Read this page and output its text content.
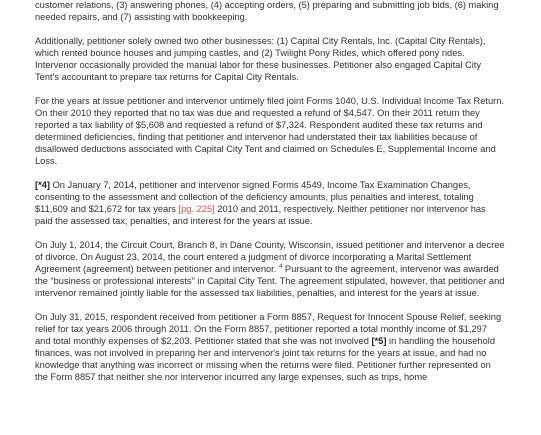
customer relations, (3) answering phones, (4) accepting orders, (5) preparing and submitting job bids, (6) making needed repairs, and (7) assisting with bookkeeping.

Additionally, petitioner solely owned two other businesses: (1) Capital City Rentals, Inc. (Capital City Rentals), which rented bounce houses and jumping castles, and (2) Twilight Pony Rides, which offered pony rides. Intervenor occasionally provided the manual labor for these businesses. Petitioner also engaged Capital City Tent's accountant to prepare tax returns for Capital City Rentals.

For the years at issue petitioner and intervenor untimely filed joint Forms 1040, U.S. Individual Income Tax Return. On their 2010 they reported that no tax was due and requested a refund of $4,547. On their 2011 return they reported a tax liability of $5,608 and requested a refund of $7,324. Respondent audited these tax returns and determined deficiencies, finding that petitioner and intervenor had understated their tax liabilities because of disallowed deductions associated with Capital City Tent and claimed on Schedules E, Supplemental Income and Loss.

[*4] On January 7, 2014, petitioner and intervenor signed Forms 4549, Income Tax Examination Changes, consenting to the assessment and collection of the deficiency amounts, plus penalties and interest, totaling $11,609 and $21,672 for tax years [pg. 225] 2010 and 2011, respectively. Neither petitioner nor intervenor has paid the assessed tax, penalties, and interest for the years at issue.

On July 1, 2014, the Circuit Court, Branch 8, in Dane County, Wisconsin, issued petitioner and intervenor a decree of divorce. On August 23, 2014, the court entered a judgment of divorce incorporating a Marital Settlement Agreement (agreement) between petitioner and intervenor. $^4$ Pursuant to the agreement, intervenor was awarded the “business or professional interests” in Capital City Tent. The agreement stipulated, however, that petitioner and intervenor remained jointly liable for the assessed tax liabilities, penalties, and interest for the years at issue.

On July 31, 2015, respondent received from petitioner a Form 8857, Request for Innocent Spouse Relief, seeking relief for tax years 2006 through 2011. On the Form 8857, petitioner reported a total monthly income of $1,297 and total monthly expenses of $2,203. Petitioner stated that she was not involved [*5] in handling the household finances, was not involved in preparing her and intervenor's joint tax returns for the years at issue, and had no knowledge that anything was incorrect or missing when the returns were filed. Petitioner further represented on the Form 8857 that neither she nor intervenor incurred any large expenses, such as trips, home
